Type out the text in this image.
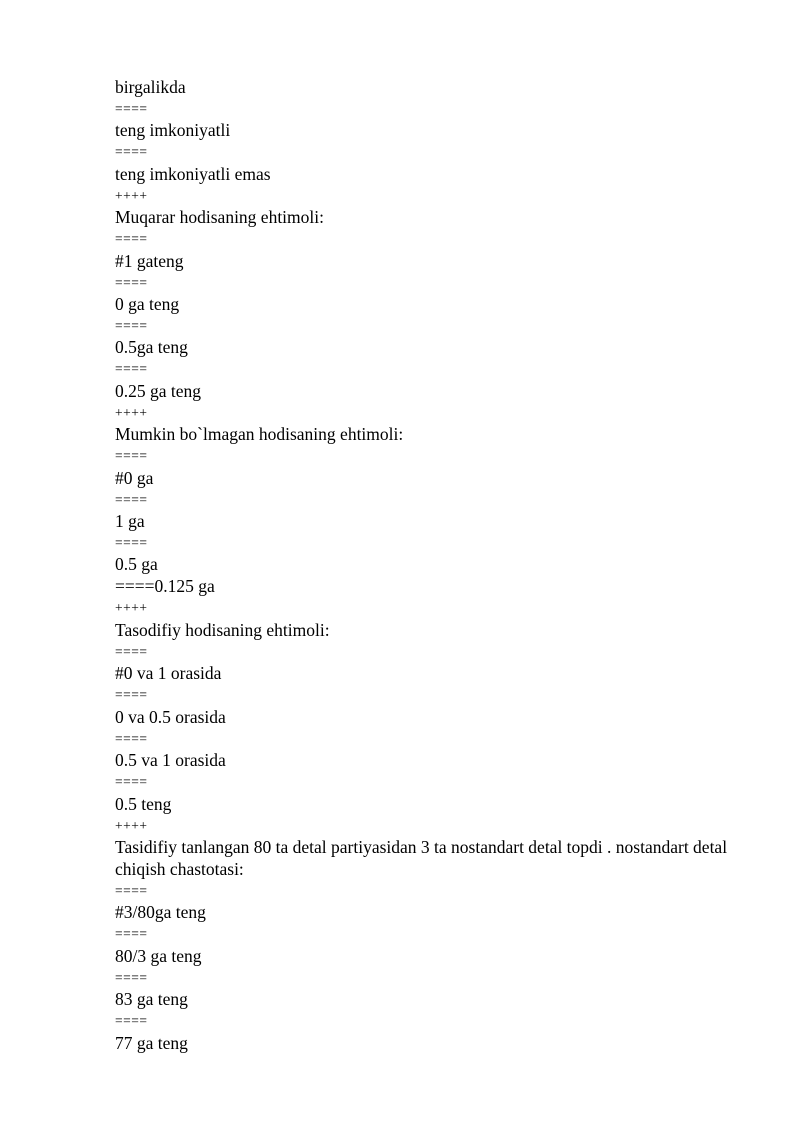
birgalikda
====
teng imkoniyatli
====
teng imkoniyatli emas
++++
Muqarar hodisaning ehtimoli:
====
#1 gateng
====
0 ga teng
====
0.5ga teng
====
0.25 ga teng
++++
Mumkin bo`lmagan hodisaning ehtimoli:
====
#0 ga
====
1 ga
====
0.5 ga
====0.125 ga
++++
Tasodifiy hodisaning ehtimoli:
====
#0 va 1 orasida
====
0 va 0.5 orasida
====
0.5 va 1 orasida
====
0.5 teng
++++
Tasidifiy tanlangan 80 ta detal partiyasidan 3 ta nostandart detal topdi . nostandart detal chiqish chastotasi:
====
#3/80ga teng
====
80/3 ga teng
====
83 ga teng
====
77 ga teng
